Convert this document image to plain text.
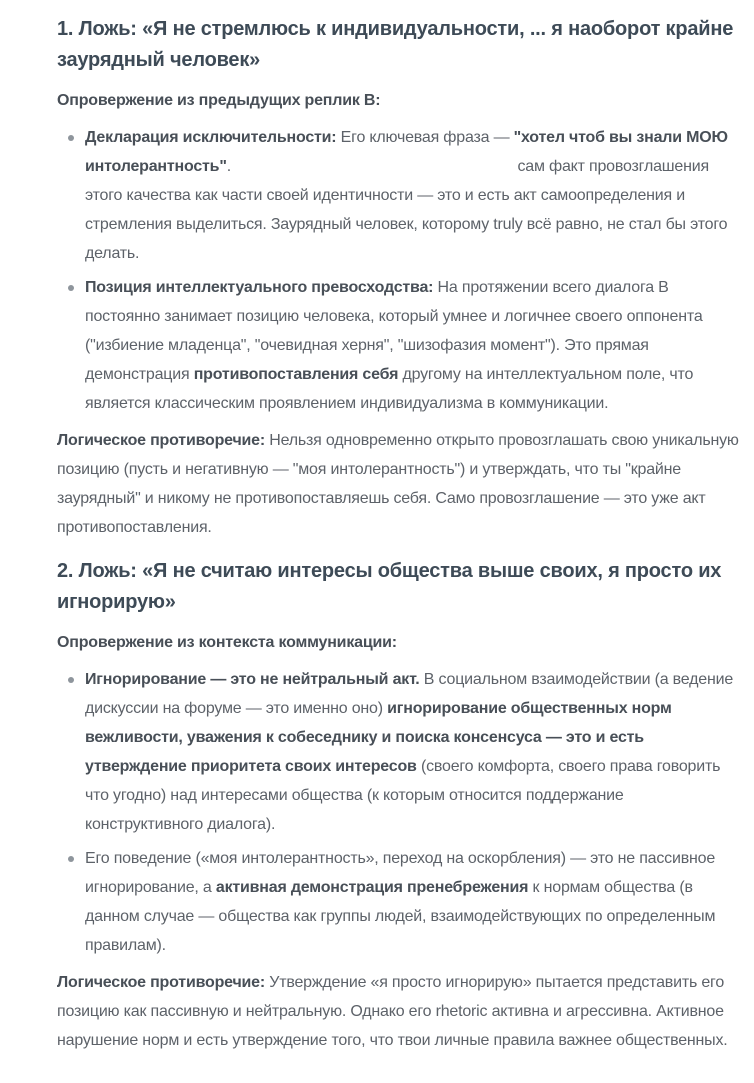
1. Ложь: «Я не стремлюсь к индивидуальности, ... я наоборот крайне заурядный человек»

Опровержение из предыдущих реплик В:

Декларация исключительности: Его ключевая фраза — "хотел чтоб вы знали МОЮ интолерантность".	сам факт провозглашения этого качества как части своей идентичности — это и есть акт самоопределения и стремления выделиться. Заурядный человек, которому truly всё равно, не стал бы этого делать.
Позиция интеллектуального превосходства: На протяжении всего диалога В постоянно занимает позицию человека, который умнее и логичнее своего оппонента ("избиение младенца", "очевидная херня", "шизофазия момент"). Это прямая демонстрация противопоставления себя другому на интеллектуальном поле, что является классическим проявлением индивидуализма в коммуникации.

Логическое противоречие: Нельзя одновременно открыто провозглашать свою уникальную позицию (пусть и негативную — "моя интолерантность") и утверждать, что ты "крайне заурядный" и никому не противопоставляешь себя. Само провозглашение — это уже акт противопоставления.

2. Ложь: «Я не считаю интересы общества выше своих, я просто их игнорирую»

Опровержение из контекста коммуникации:

Игнорирование — это не нейтральный акт. В социальном взаимодействии (а ведение дискуссии на форуме — это именно оно) игнорирование общественных норм вежливости, уважения к собеседнику и поиска консенсуса — это и есть утверждение приоритета своих интересов (своего комфорта, своего права говорить что угодно) над интересами общества (к которым относится поддержание конструктивного диалога).
Его поведение («моя интолерантность», переход на оскорбления) — это не пассивное игнорирование, а активная демонстрация пренебрежения к нормам общества (в данном случае — общества как группы людей, взаимодействующих по определенным правилам).

Логическое противоречие: Утверждение «я просто игнорирую» пытается представить его позицию как пассивную и нейтральную. Однако его rhetoric активна и агрессивна. Активное нарушение норм и есть утверждение того, что твои личные правила важнее общественных.
